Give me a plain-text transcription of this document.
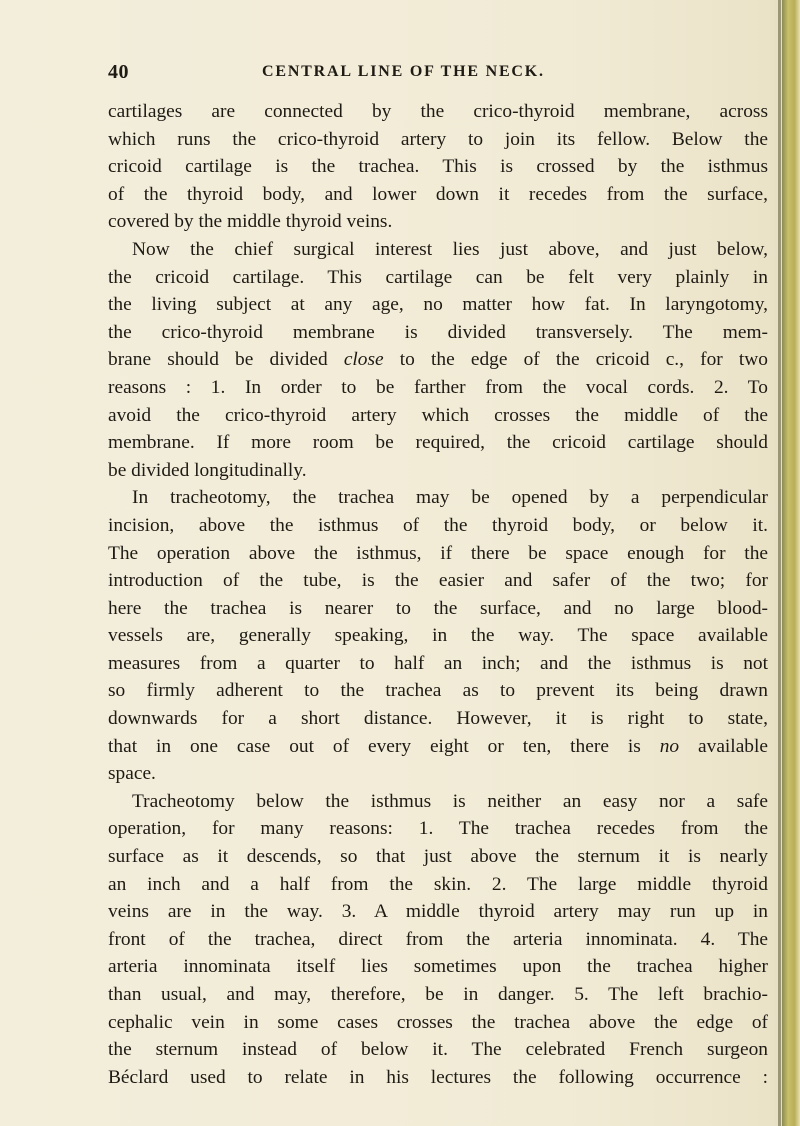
40	CENTRAL LINE OF THE NECK.
cartilages are connected by the crico-thyroid membrane, across
which runs the crico-thyroid artery to join its fellow. Below the
cricoid cartilage is the trachea. This is crossed by the isthmus
of the thyroid body, and lower down it recedes from the surface,
covered by the middle thyroid veins.
Now the chief surgical interest lies just above, and just below,
the cricoid cartilage. This cartilage can be felt very plainly in
the living subject at any age, no matter how fat. In laryngotomy,
the crico-thyroid membrane is divided transversely. The mem-
brane should be divided close to the edge of the cricoid c., for two
reasons : 1. In order to be farther from the vocal cords. 2. To
avoid the crico-thyroid artery which crosses the middle of the
membrane. If more room be required, the cricoid cartilage should
be divided longitudinally.
In tracheotomy, the trachea may be opened by a perpendicular
incision, above the isthmus of the thyroid body, or below it.
The operation above the isthmus, if there be space enough for the
introduction of the tube, is the easier and safer of the two; for
here the trachea is nearer to the surface, and no large blood-
vessels are, generally speaking, in the way. The space available
measures from a quarter to half an inch; and the isthmus is not
so firmly adherent to the trachea as to prevent its being drawn
downwards for a short distance. However, it is right to state,
that in one case out of every eight or ten, there is no available
space.
Tracheotomy below the isthmus is neither an easy nor a safe
operation, for many reasons: 1. The trachea recedes from the
surface as it descends, so that just above the sternum it is nearly
an inch and a half from the skin. 2. The large middle thyroid
veins are in the way. 3. A middle thyroid artery may run up in
front of the trachea, direct from the arteria innominata. 4. The
arteria innominata itself lies sometimes upon the trachea higher
than usual, and may, therefore, be in danger. 5. The left brachio-
cephalic vein in some cases crosses the trachea above the edge of
the sternum instead of below it. The celebrated French surgeon
Béclard used to relate in his lectures the following occurrence :
